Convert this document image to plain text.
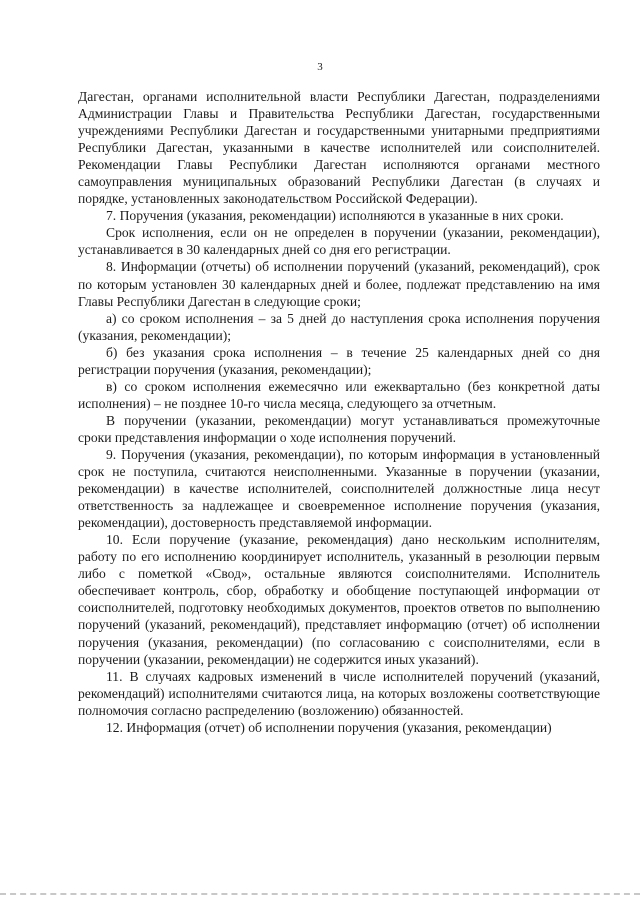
3

Дагестан, органами исполнительной власти Республики Дагестан, подразделениями Администрации Главы и Правительства Республики Дагестан, государственными учреждениями Республики Дагестан и государственными унитарными предприятиями Республики Дагестан, указанными в качестве исполнителей или соисполнителей. Рекомендации Главы Республики Дагестан исполняются органами местного самоуправления муниципальных образований Республики Дагестан (в случаях и порядке, установленных законодательством Российской Федерации).

7. Поручения (указания, рекомендации) исполняются в указанные в них сроки.

Срок исполнения, если он не определен в поручении (указании, рекомендации), устанавливается в 30 календарных дней со дня его регистрации.

8. Информации (отчеты) об исполнении поручений (указаний, рекомендаций), срок по которым установлен 30 календарных дней и более, подлежат представлению на имя Главы Республики Дагестан в следующие сроки;

а) со сроком исполнения – за 5 дней до наступления срока исполнения поручения (указания, рекомендации);

б) без указания срока исполнения – в течение 25 календарных дней со дня регистрации поручения (указания, рекомендации);

в) со сроком исполнения ежемесячно или ежеквартально (без конкретной даты исполнения) – не позднее 10-го числа месяца, следующего за отчетным.

В поручении (указании, рекомендации) могут устанавливаться промежуточные сроки представления информации о ходе исполнения поручений.

9. Поручения (указания, рекомендации), по которым информация в установленный срок не поступила, считаются неисполненными. Указанные в поручении (указании, рекомендации) в качестве исполнителей, соисполнителей должностные лица несут ответственность за надлежащее и своевременное исполнение поручения (указания, рекомендации), достоверность представляемой информации.

10. Если поручение (указание, рекомендация) дано нескольким исполнителям, работу по его исполнению координирует исполнитель, указанный в резолюции первым либо с пометкой «Свод», остальные являются соисполнителями. Исполнитель обеспечивает контроль, сбор, обработку и обобщение поступающей информации от соисполнителей, подготовку необходимых документов, проектов ответов по выполнению поручений (указаний, рекомендаций), представляет информацию (отчет) об исполнении поручения (указания, рекомендации) (по согласованию с соисполнителями, если в поручении (указании, рекомендации) не содержится иных указаний).

11. В случаях кадровых изменений в числе исполнителей поручений (указаний, рекомендаций) исполнителями считаются лица, на которых возложены соответствующие полномочия согласно распределению (возложению) обязанностей.

12. Информация (отчет) об исполнении поручения (указания, рекомендации)
